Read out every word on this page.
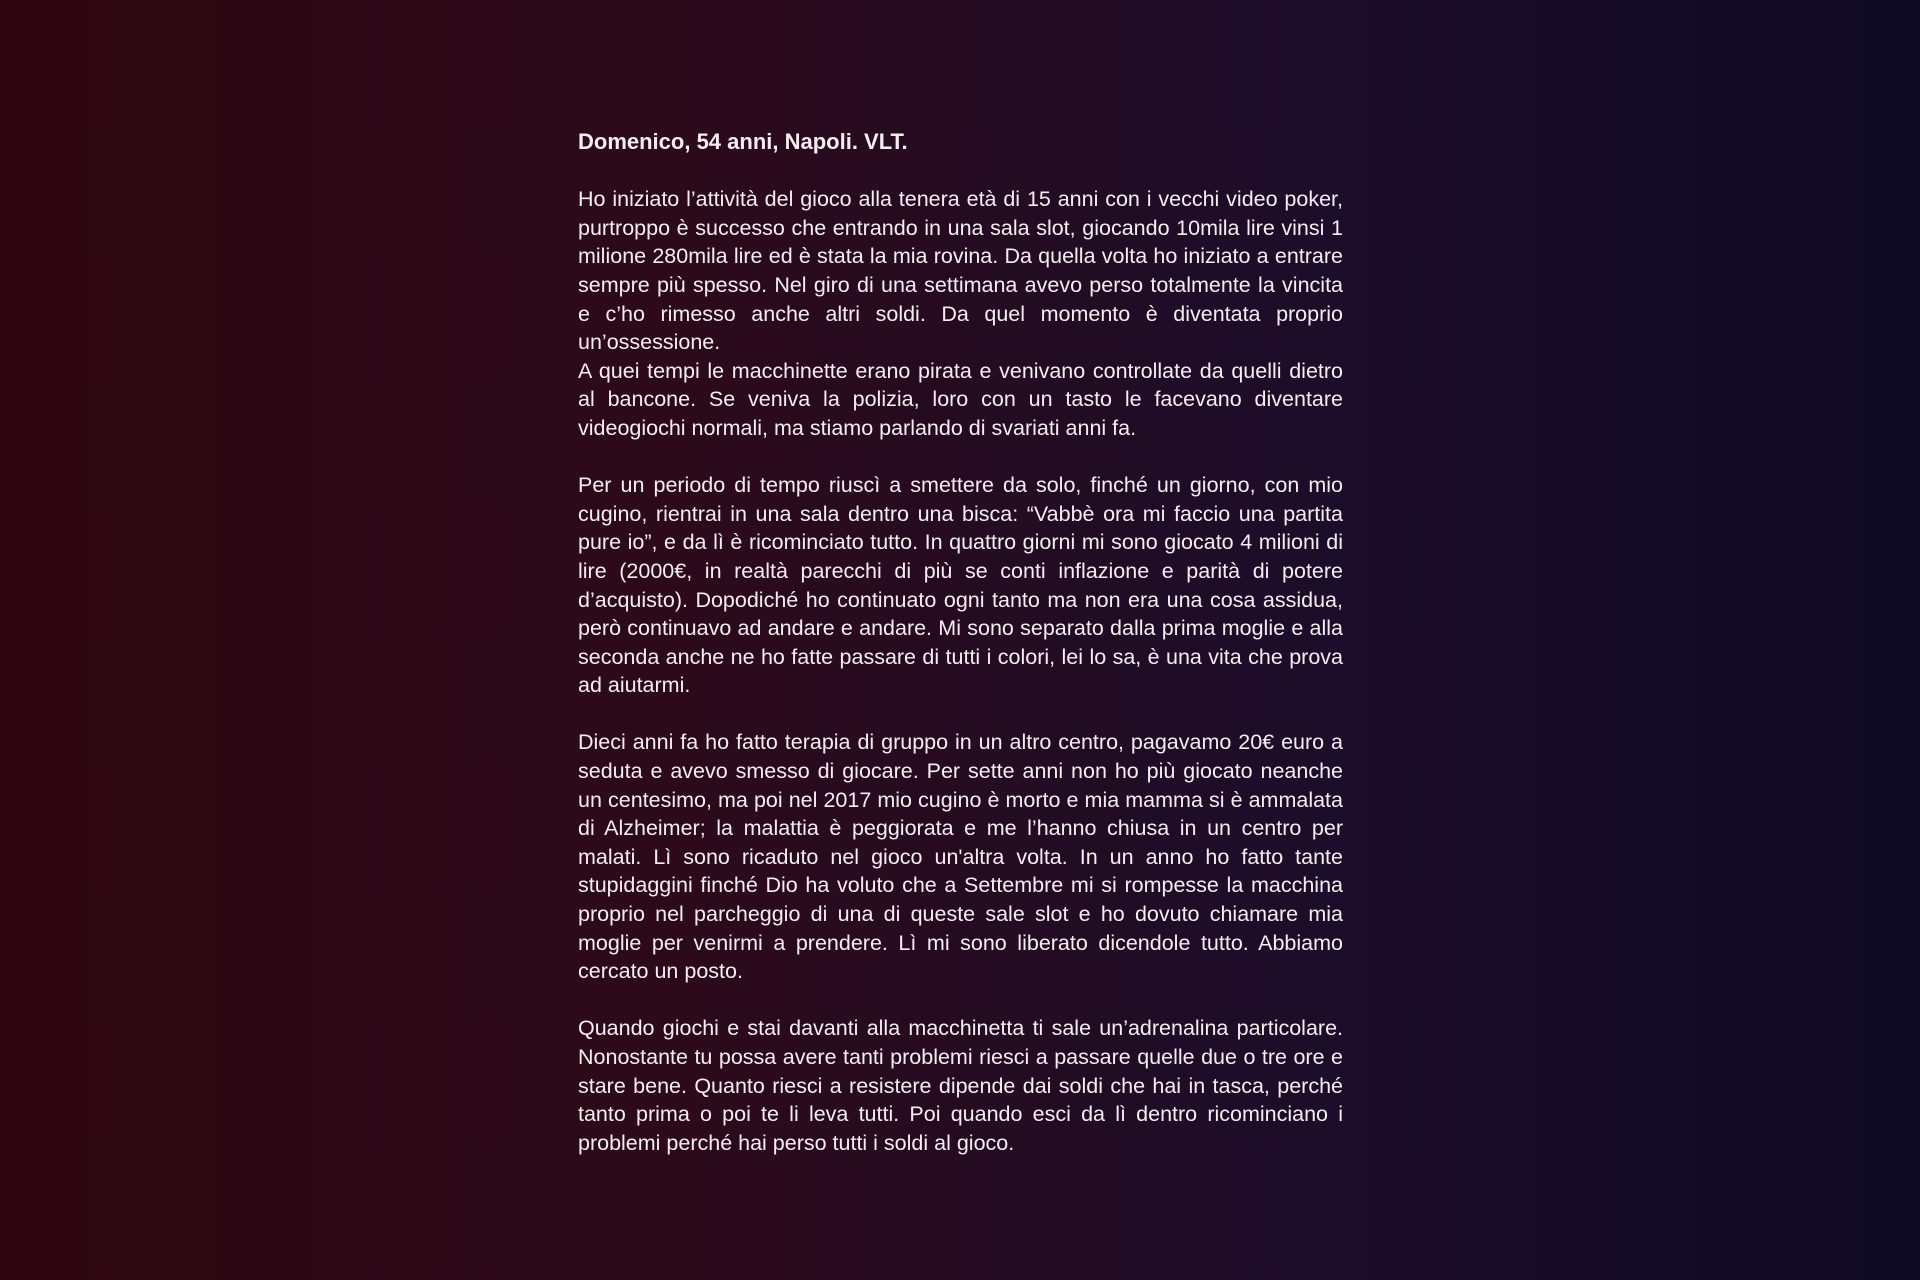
Domenico, 54 anni, Napoli. VLT.

Ho iniziato l’attività del gioco alla tenera età di 15 anni con i vecchi video poker, purtroppo è successo che entrando in una sala slot, giocando 10mila lire vinsi 1 milione 280mila lire ed è stata la mia rovina. Da quella volta ho iniziato a entrare sempre più spesso. Nel giro di una settimana avevo perso totalmente la vincita e c’ho rimesso anche altri soldi. Da quel momento è diventata proprio un’ossessione.

A quei tempi le macchinette erano pirata e venivano controllate da quelli dietro al bancone. Se veniva la polizia, loro con un tasto le facevano diventare videogiochi normali, ma stiamo parlando di svariati anni fa.

Per un periodo di tempo riuscì a smettere da solo, finché un giorno, con mio cugino, rientrai in una sala dentro una bisca: “Vabbè ora mi faccio una partita pure io”, e da lì è ricominciato tutto. In quattro giorni mi sono giocato 4 milioni di lire (2000€, in realtà parecchi di più se conti inflazione e parità di potere d’acquisto). Dopodiché ho continuato ogni tanto ma non era una cosa assidua, però continuavo ad andare e andare. Mi sono separato dalla prima moglie e alla seconda anche ne ho fatte passare di tutti i colori, lei lo sa, è una vita che prova ad aiutarmi.

Dieci anni fa ho fatto terapia di gruppo in un altro centro, pagavamo 20€ euro a seduta e avevo smesso di giocare. Per sette anni non ho più giocato neanche un centesimo, ma poi nel 2017 mio cugino è morto e mia mamma si è ammalata di Alzheimer; la malattia è peggiorata e me l’hanno chiusa in un centro per malati. Lì sono ricaduto nel gioco un'altra volta. In un anno ho fatto tante stupidaggini finché Dio ha voluto che a Settembre mi si rompesse la macchina proprio nel parcheggio di una di queste sale slot e ho dovuto chiamare mia moglie per venirmi a prendere. Lì mi sono liberato dicendole tutto. Abbiamo cercato un posto.

Quando giochi e stai davanti alla macchinetta ti sale un’adrenalina particolare. Nonostante tu possa avere tanti problemi riesci a passare quelle due o tre ore e stare bene. Quanto riesci a resistere dipende dai soldi che hai in tasca, perché tanto prima o poi te li leva tutti. Poi quando esci da lì dentro ricominciano i problemi perché hai perso tutti i soldi al gioco.
